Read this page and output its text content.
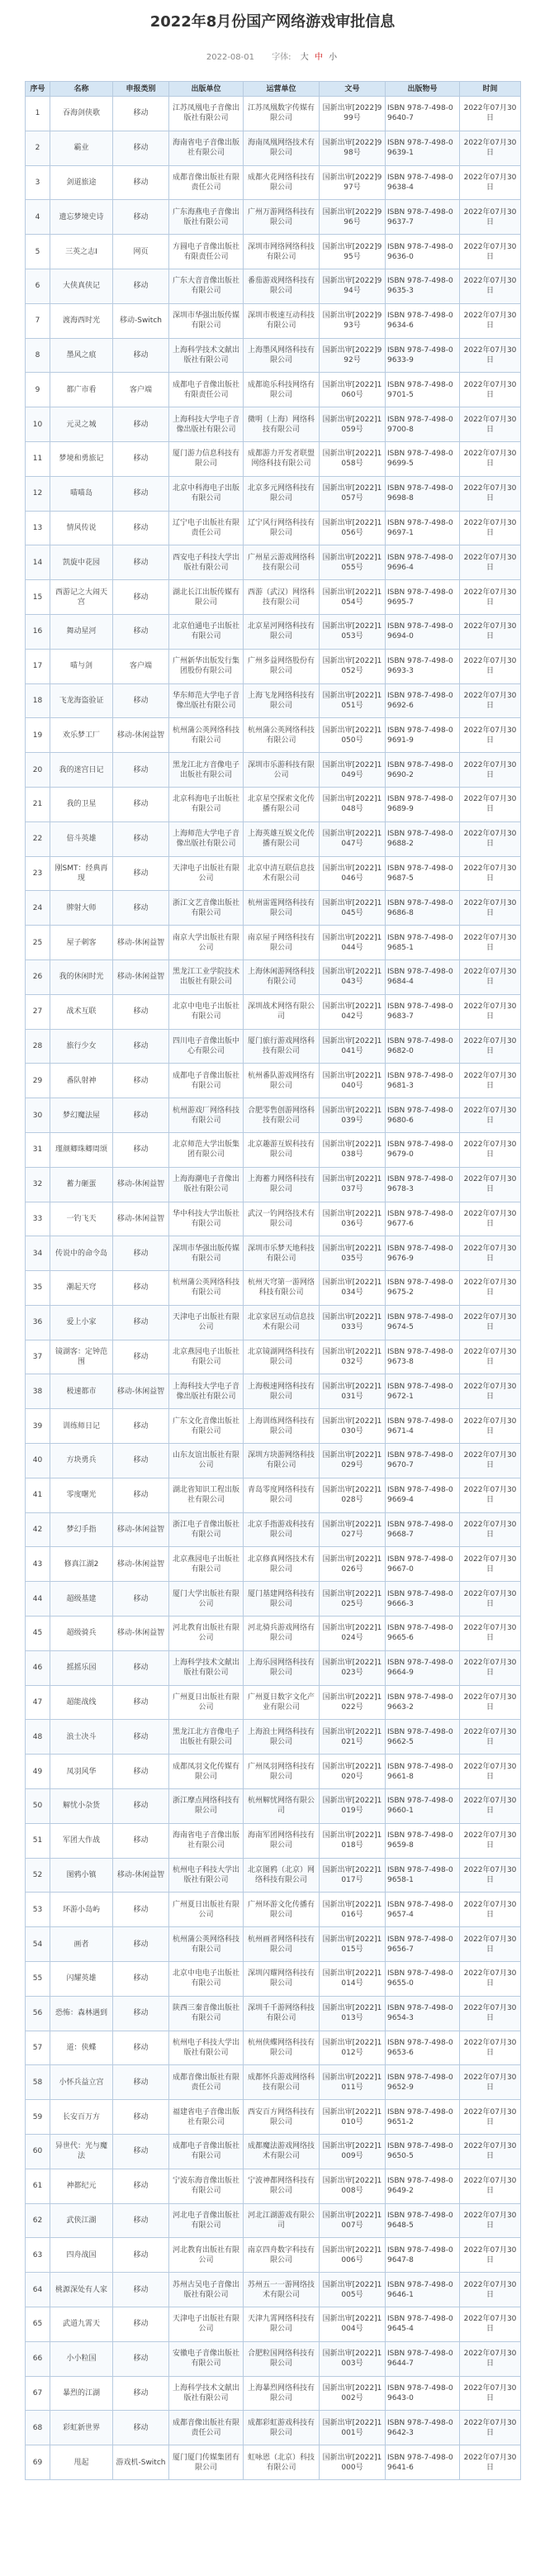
2022年8月份国产网络游戏审批信息
2022-08-01 字体: 大 中 小
序号	名称	申报类别	出版单位	运营单位	文号	出版物号	时间
1	吞海剑侠歌	移动	江苏凤凰电子音像出版社有限公司	江苏凤凰数字传媒有限公司	国新出审[2022]999号	ISBN 978-7-498-09640-7	2022年07月30日
2	霸业	移动	海南省电子音像出版社有限公司	海南凤凰网络技术有限公司	国新出审[2022]998号	ISBN 978-7-498-09639-1	2022年07月30日
3	剑道旅途	移动	成都音像出版社有限责任公司	成都火花网络科技有限公司	国新出审[2022]997号	ISBN 978-7-498-09638-4	2022年07月30日
4	遗忘梦境史诗	移动	广东海燕电子音像出版社有限公司	广州万游网络科技有限公司	国新出审[2022]996号	ISBN 978-7-498-09637-7	2022年07月30日
5	三英之志I	网页	方圆电子音像出版社有限责任公司	深圳市网络网络科技有限公司	国新出审[2022]995号	ISBN 978-7-498-09636-0	2022年07月30日
6	大侠真侠记	移动	广东大音音像出版社有限公司	番茄游戏网络科技有限公司	国新出审[2022]994号	ISBN 978-7-498-09635-3	2022年07月30日
7	渡海西时光	移动-Switch	深圳市华强出版传媒有限公司	深圳市极速互动科技有限公司	国新出审[2022]993号	ISBN 978-7-498-09634-6	2022年07月30日
8	墨风之痕	移动	上海科学技术文献出版社有限公司	上海墨风网络科技有限公司	国新出审[2022]992号	ISBN 978-7-498-09633-9	2022年07月30日
9	都广市看	客户端	成都电子音像出版社有限责任公司	成都诡乐科技网络有限公司	国新出审[2022]1060号	ISBN 978-7-498-09701-5	2022年07月30日
10	元灵之城	移动	上海科技大学电子音像出版社有限公司	微明（上海）网络科技有限公司	国新出审[2022]1059号	ISBN 978-7-498-09700-8	2022年07月30日
11	梦境和勇旅记	移动	厦门游力信息科技有限公司	成都游力开发者联盟网络科技有限公司	国新出审[2022]1058号	ISBN 978-7-498-09699-5	2022年07月30日
12	喵喵岛	移动	北京中科海电子出版有限公司	北京多元网络科技有限公司	国新出审[2022]1057号	ISBN 978-7-498-09698-8	2022年07月30日
13	情风传说	移动	辽宁电子出版社有限责任公司	辽宁风行网络科技有限公司	国新出审[2022]1056号	ISBN 978-7-498-09697-1	2022年07月30日
14	凯旋中花园	移动	西安电子科技大学出版社有限公司	广州星云游戏网络科技有限公司	国新出审[2022]1055号	ISBN 978-7-498-09696-4	2022年07月30日
15	西游记之大闹天宫	移动	湖北长江出版传媒有限公司	西游（武汉）网络科技有限公司	国新出审[2022]1054号	ISBN 978-7-498-09695-7	2022年07月30日
16	舞动星河	移动	北京伯通电子出版社有限公司	北京星河网络科技有限公司	国新出审[2022]1053号	ISBN 978-7-498-09694-0	2022年07月30日
17	喵与剑	客户端	广州新华出版发行集团股份有限公司	广州多益网络股份有限公司	国新出审[2022]1052号	ISBN 978-7-498-09693-3	2022年07月30日
18	飞龙海盗验证	移动	华东师范大学电子音像出版社有限公司	上海飞龙网络科技有限公司	国新出审[2022]1051号	ISBN 978-7-498-09692-6	2022年07月30日
19	欢乐梦工厂	移动-休闲益智	杭州蒲公英网络科技有限公司	杭州蒲公英网络科技有限公司	国新出审[2022]1050号	ISBN 978-7-498-09691-9	2022年07月30日
20	我的迷宫日记	移动	黑龙江北方音像电子出版社有限公司	深圳市乐游科技有限公司	国新出审[2022]1049号	ISBN 978-7-498-09690-2	2022年07月30日
21	我的卫星	移动	北京科海电子出版社有限公司	北京星空探索文化传播有限公司	国新出审[2022]1048号	ISBN 978-7-498-09689-9	2022年07月30日
22	倍斗英雄	移动	上海师范大学电子音像出版社有限公司	上海英雄互娱文化传播有限公司	国新出审[2022]1047号	ISBN 978-7-498-09688-2	2022年07月30日
23	刚SMT：经典再现	移动	天津电子出版社有限公司	北京中清互联信息技术有限公司	国新出审[2022]1046号	ISBN 978-7-498-09687-5	2022年07月30日
24	牌射大师	移动	浙江文艺音像出版社有限公司	杭州雷霆网络科技有限公司	国新出审[2022]1045号	ISBN 978-7-498-09686-8	2022年07月30日
25	屋子刺客	移动-休闲益智	南京大学出版社有限公司	南京屋子网络科技有限公司	国新出审[2022]1044号	ISBN 978-7-498-09685-1	2022年07月30日
26	我的休闲时光	移动-休闲益智	黑龙江工业学院技术出版社有限公司	上海休闲游网络科技有限公司	国新出审[2022]1043号	ISBN 978-7-498-09684-4	2022年07月30日
27	战术互联	移动	北京中电电子出版社有限公司	深圳战术网络有限公司	国新出审[2022]1042号	ISBN 978-7-498-09683-7	2022年07月30日
28	旅行少女	移动	四川电子音像出版中心有限公司	厦门旅行游戏网络科技有限公司	国新出审[2022]1041号	ISBN 978-7-498-09682-0	2022年07月30日
29	番队射神	移动	成都电子音像出版社有限公司	杭州番队游戏网络有限公司	国新出审[2022]1040号	ISBN 978-7-498-09681-3	2022年07月30日
30	梦幻魔法屋	移动	杭州游戏厂网络科技有限公司	合肥零售创游网络科技有限公司	国新出审[2022]1039号	ISBN 978-7-498-09680-6	2022年07月30日
31	瑾颜卿珠卿周颂	移动	北京师范大学出版集团有限公司	北京趣游互娱科技有限公司	国新出审[2022]1038号	ISBN 978-7-498-09679-0	2022年07月30日
32	蓄力砸蛋	移动-休闲益智	上海海潮电子音像出版社有限公司	上海蓄力网络科技有限公司	国新出审[2022]1037号	ISBN 978-7-498-09678-3	2022年07月30日
33	一钓飞天	移动-休闲益智	华中科技大学出版社有限公司	武汉一钓网络技术有限公司	国新出审[2022]1036号	ISBN 978-7-498-09677-6	2022年07月30日
34	传说中的命令岛	移动	深圳市华强出版传媒有限公司	深圳市乐梦天地科技有限公司	国新出审[2022]1035号	ISBN 978-7-498-09676-9	2022年07月30日
35	潮起天穹	移动	杭州蒲公英网络科技有限公司	杭州天穹第一游网络科技有限公司	国新出审[2022]1034号	ISBN 978-7-498-09675-2	2022年07月30日
36	爱上小家	移动	天津电子出版社有限公司	北京家居互动信息技术有限公司	国新出审[2022]1033号	ISBN 978-7-498-09674-5	2022年07月30日
37	镜湖客：定钟范围	移动	北京燕园电子出版社有限公司	北京镜湖网络科技有限公司	国新出审[2022]1032号	ISBN 978-7-498-09673-8	2022年07月30日
38	极速都市	移动-休闲益智	上海科技大学电子音像出版社有限公司	上海极速网络科技有限公司	国新出审[2022]1031号	ISBN 978-7-498-09672-1	2022年07月30日
39	训练师日记	移动	广东文化音像出版社有限公司	上海训练网络科技有限公司	国新出审[2022]1030号	ISBN 978-7-498-09671-4	2022年07月30日
40	方块勇兵	移动	山东友谊出版社有限公司	深圳方块游网络科技有限公司	国新出审[2022]1029号	ISBN 978-7-498-09670-7	2022年07月30日
41	零度曙光	移动	湖北省知识工程出版社有限公司	青岛零度网络科技有限公司	国新出审[2022]1028号	ISBN 978-7-498-09669-4	2022年07月30日
42	梦幻手指	移动-休闲益智	浙江电子音像出版社有限公司	北京手指游戏科技有限公司	国新出审[2022]1027号	ISBN 978-7-498-09668-7	2022年07月30日
43	修真江湖2	移动-休闲益智	北京燕园电子出版社有限公司	北京修真网络技术有限公司	国新出审[2022]1026号	ISBN 978-7-498-09667-0	2022年07月30日
44	超级基建	移动	厦门大学出版社有限公司	厦门基建网络科技有限公司	国新出审[2022]1025号	ISBN 978-7-498-09666-3	2022年07月30日
45	超级骑兵	移动-休闲益智	河北教育出版社有限公司	河北骑兵游戏网络有限公司	国新出审[2022]1024号	ISBN 978-7-498-09665-6	2022年07月30日
46	摇摇乐园	移动	上海科学技术文献出版社有限公司	上海乐园网络科技有限公司	国新出审[2022]1023号	ISBN 978-7-498-09664-9	2022年07月30日
47	超能战线	移动	广州夏日出版社有限公司	广州夏日数字文化产业有限公司	国新出审[2022]1022号	ISBN 978-7-498-09663-2	2022年07月30日
48	浪士决斗	移动	黑龙江北方音像电子出版社有限公司	上海浪士网络科技有限公司	国新出审[2022]1021号	ISBN 978-7-498-09662-5	2022年07月30日
49	凤羽风华	移动	成都凤羽文化传媒有限公司	广州凤羽网络科技有限公司	国新出审[2022]1020号	ISBN 978-7-498-09661-8	2022年07月30日
50	解忧小杂货	移动	浙江摩点网络科技有限公司	杭州解忧网络有限公司	国新出审[2022]1019号	ISBN 978-7-498-09660-1	2022年07月30日
51	军团大作战	移动	海南省电子音像出版社有限公司	海南军团网络科技有限公司	国新出审[2022]1018号	ISBN 978-7-498-09659-8	2022年07月30日
52	图鸦小镇	移动-休闲益智	杭州电子科技大学出版社有限公司	北京图鸦（北京）网络科技有限公司	国新出审[2022]1017号	ISBN 978-7-498-09658-1	2022年07月30日
53	环游小岛屿	移动	广州夏日出版社有限公司	广州环游文化传播有限公司	国新出审[2022]1016号	ISBN 978-7-498-09657-4	2022年07月30日
54	画者	移动	杭州蒲公英网络科技有限公司	杭州画者网络科技有限公司	国新出审[2022]1015号	ISBN 978-7-498-09656-7	2022年07月30日
55	闪耀英雄	移动	北京中电电子出版社有限公司	深圳闪耀网络科技有限公司	国新出审[2022]1014号	ISBN 978-7-498-09655-0	2022年07月30日
56	恐怖：森林遇到	移动	陕西三秦音像出版社有限公司	深圳千千游网络科技有限公司	国新出审[2022]1013号	ISBN 978-7-498-09654-3	2022年07月30日
57	道：侠蝶	移动	杭州电子科技大学出版社有限公司	杭州侠蝶网络科技有限公司	国新出审[2022]1012号	ISBN 978-7-498-09653-6	2022年07月30日
58	小怀兵益立宫	移动	成都音像出版社有限责任公司	成都怀兵游戏网络科技有限公司	国新出审[2022]1011号	ISBN 978-7-498-09652-9	2022年07月30日
59	长安百万方	移动	福建省电子音像出版社有限公司	西安百方网络科技有限公司	国新出审[2022]1010号	ISBN 978-7-498-09651-2	2022年07月30日
60	异世代：光与魔法	移动	成都电子音像出版社有限公司	成都魔法游戏网络技术有限公司	国新出审[2022]1009号	ISBN 978-7-498-09650-5	2022年07月30日
61	神都纪元	移动	宁波东海音像出版社有限公司	宁波神都网络科技有限公司	国新出审[2022]1008号	ISBN 978-7-498-09649-2	2022年07月30日
62	武侠江湖	移动	河北电子音像出版社有限公司	河北江湖游戏有限公司	国新出审[2022]1007号	ISBN 978-7-498-09648-5	2022年07月30日
63	四舟战国	移动	河北教育出版社有限公司	南京四舟数字科技有限公司	国新出审[2022]1006号	ISBN 978-7-498-09647-8	2022年07月30日
64	桃源深处有人家	移动	苏州古吴电子音像出版社有限公司	苏州五一一游网络技术有限公司	国新出审[2022]1005号	ISBN 978-7-498-09646-1	2022年07月30日
65	武道九霄天	移动	天津电子出版社有限公司	天津九霄网络科技有限公司	国新出审[2022]1004号	ISBN 978-7-498-09645-4	2022年07月30日
66	小小粒国	移动	安徽电子音像出版社有限公司	合肥粒国网络科技有限公司	国新出审[2022]1003号	ISBN 978-7-498-09644-7	2022年07月30日
67	暴烈的江湖	移动	上海科学技术文献出版社有限公司	上海暴烈网络科技有限公司	国新出审[2022]1002号	ISBN 978-7-498-09643-0	2022年07月30日
68	彩虹新世界	移动	成都音像出版社有限责任公司	成都彩虹游戏科技有限公司	国新出审[2022]1001号	ISBN 978-7-498-09642-3	2022年07月30日
69	甩起	游戏机-Switch	厦门厦门传媒集团有限公司	虹咏恩（北京）科技有限公司	国新出审[2022]1000号	ISBN 978-7-498-09641-6	2022年07月30日
